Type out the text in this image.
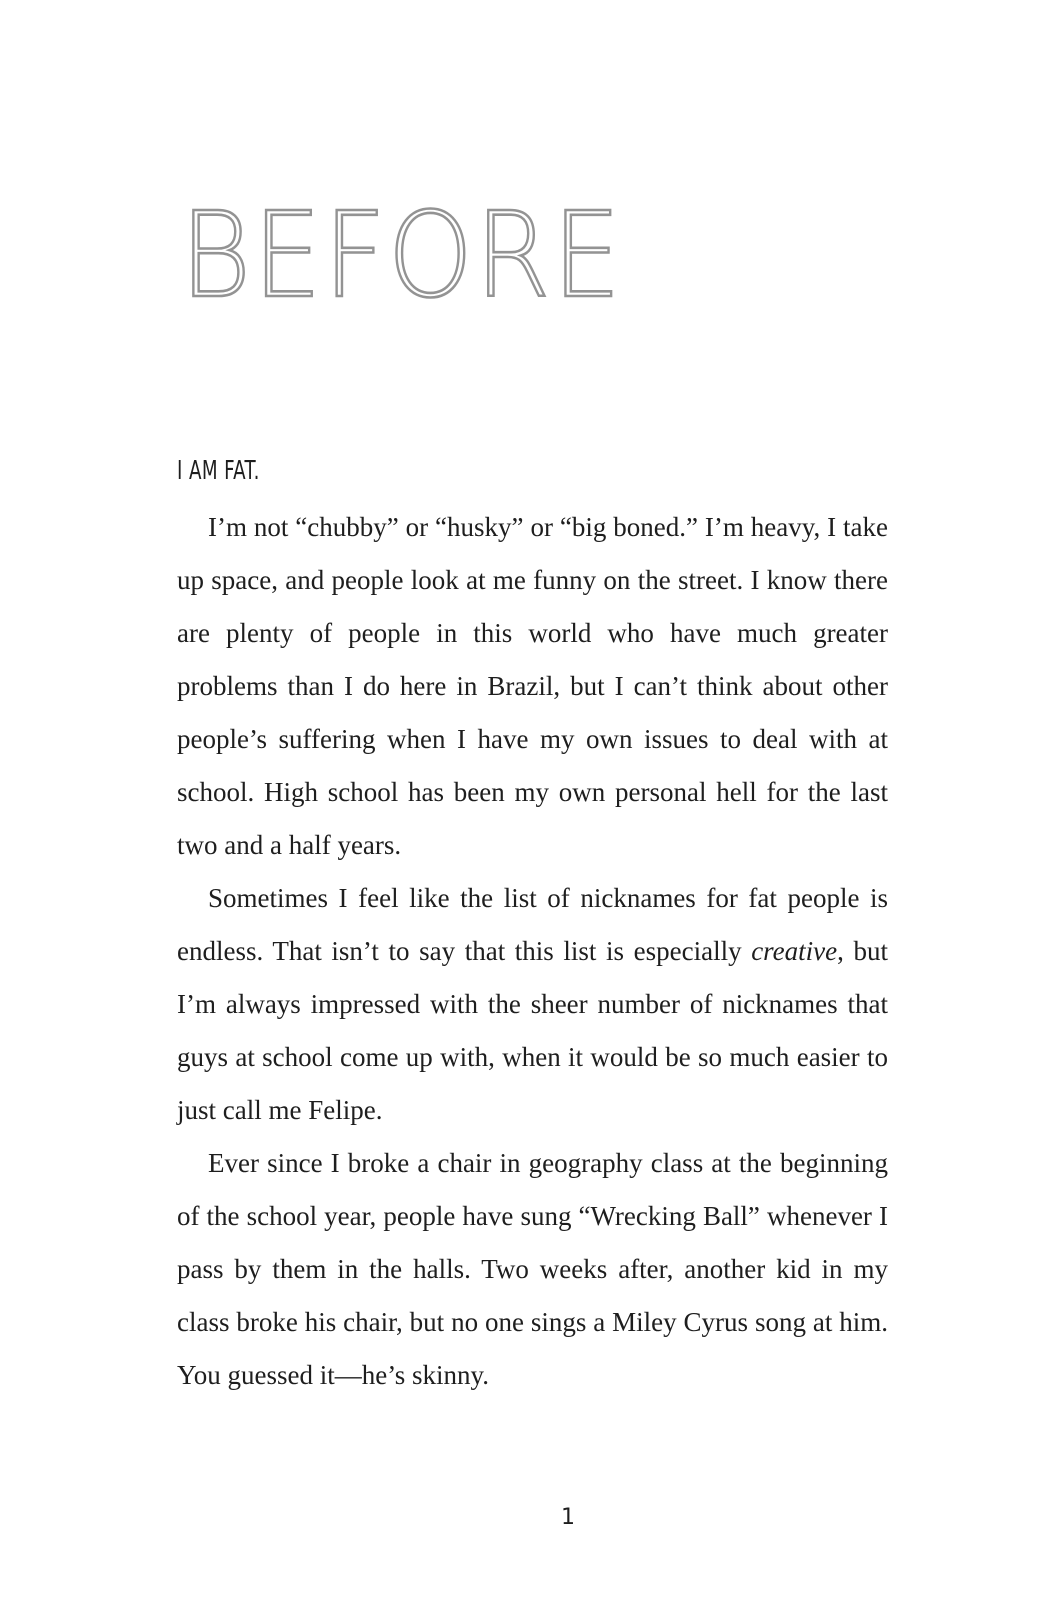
BEFORE
I AM FAT.

I’m not “chubby” or “husky” or “big boned.” I’m heavy, I take up space, and people look at me funny on the street. I know there are plenty of people in this world who have much greater problems than I do here in Brazil, but I can’t think about other people’s suffering when I have my own issues to deal with at school. High school has been my own personal hell for the last two and a half years.

Sometimes I feel like the list of nicknames for fat people is endless. That isn’t to say that this list is especially creative, but I’m always impressed with the sheer number of nicknames that guys at school come up with, when it would be so much easier to just call me Felipe.

Ever since I broke a chair in geography class at the beginning of the school year, people have sung “Wrecking Ball” whenever I pass by them in the halls. Two weeks after, another kid in my class broke his chair, but no one sings a Miley Cyrus song at him. You guessed it—he’s skinny.

1
